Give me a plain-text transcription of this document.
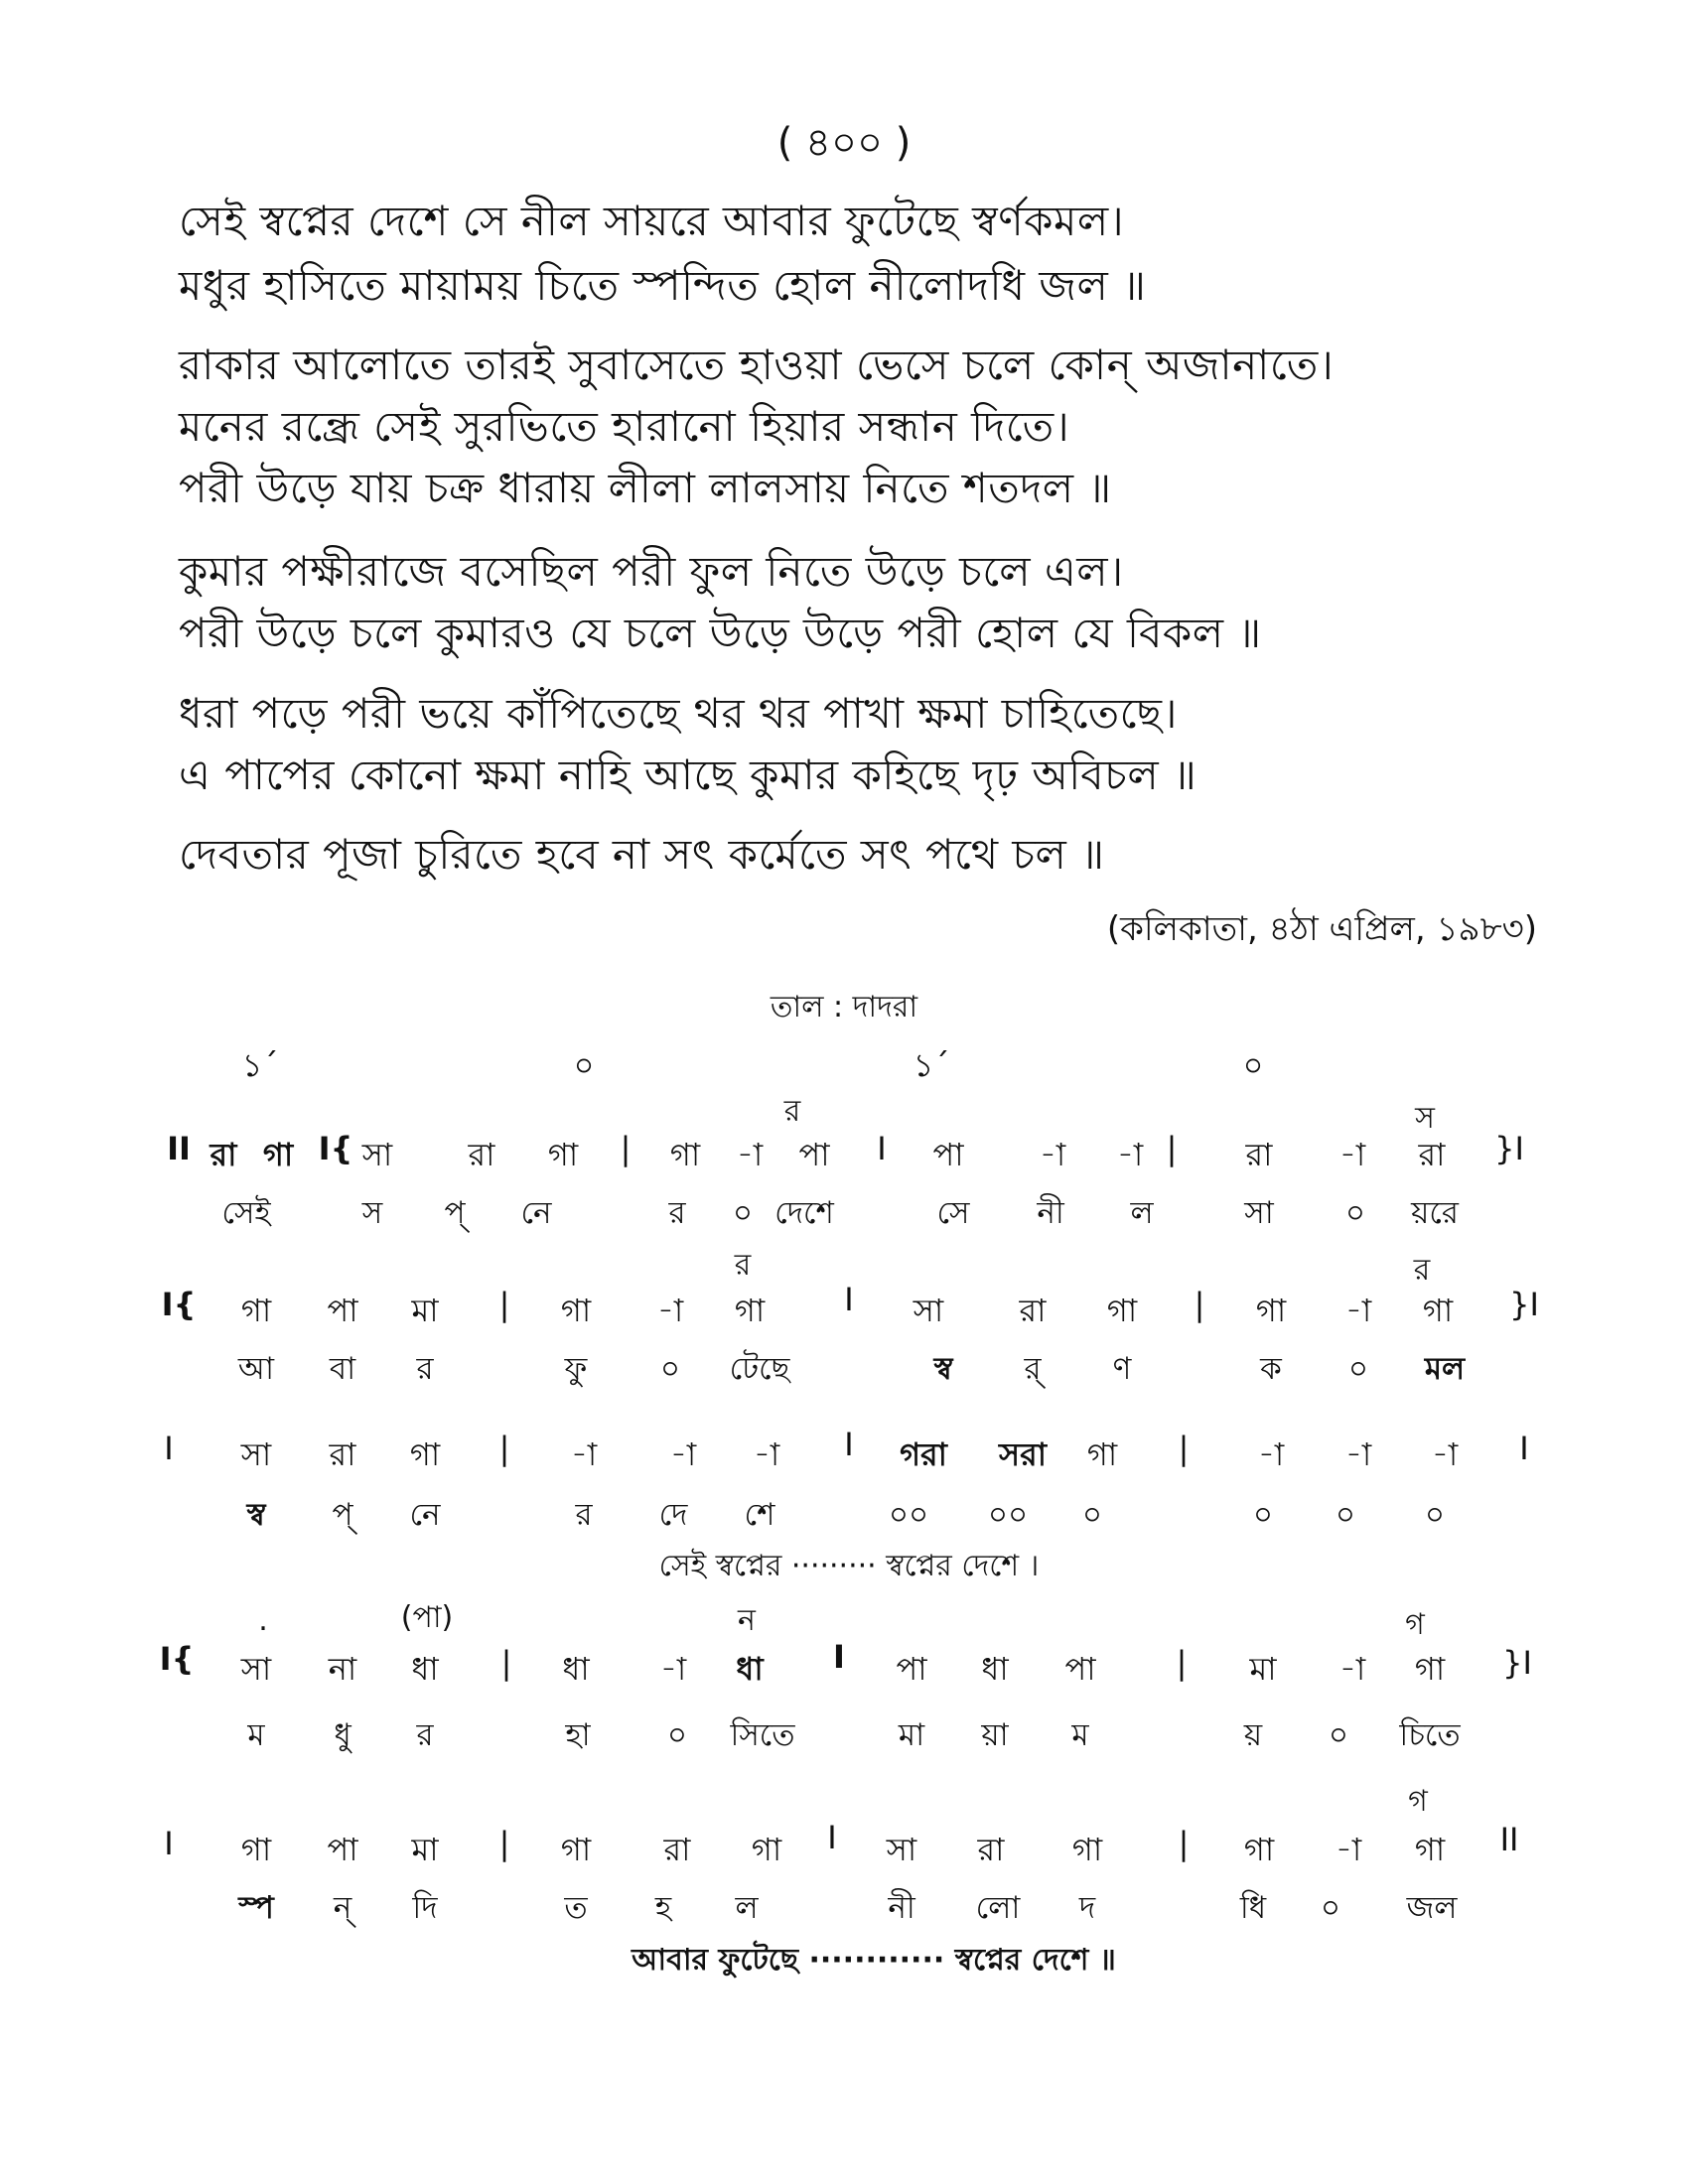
( ৪০০ )
সেই স্বপ্নের দেশে সে নীল সায়রে আবার ফুটেছে স্বর্ণকমল।
মধুর হাসিতে মায়াময় চিতে স্পন্দিত হোল নীলোদধি জল ॥
রাকার আলোতে তারই সুবাসেতে হাওয়া ভেসে চলে কোন্ অজানাতে।
মনের রন্ধ্রে সেই সুরভিতে হারানো হিয়ার সন্ধান দিতে।
পরী উড়ে যায় চক্র ধারায় লীলা লালসায় নিতে শতদল ॥
কুমার পক্ষীরাজে বসেছিল পরী ফুল নিতে উড়ে চলে এল।
পরী উড়ে চলে কুমারও যে চলে উড়ে উড়ে পরী হোল যে বিকল ॥
ধরা পড়ে পরী ভয়ে কাঁপিতেছে থর থর পাখা ক্ষমা চাহিতেছে।
এ পাপের কোনো ক্ষমা নাহি আছে কুমার কহিছে দৃঢ় অবিচল ॥
দেবতার পূজা চুরিতে হবে না সৎ কর্মেতে সৎ পথে চল ॥
(কলিকাতা, ৪ঠা এপ্রিল, ১৯৮৩)
তাল : দাদরা
১´	০	১´	০
র	স
II রা গা I{ সা রা গা | গা -া পা I পা -া -া | রা -া রা }I
সেই	স প্ নে	র ০ দেশে	সে নী ল	সা ০ য়রে
র	র
I{ গা পা মা | গা -া গা	I সা রা গা | গা -া গা }I
আ বা র	ফু ০ টেছে	স্ব র্ ণ	ক ০ মল
I সা রা গা | -া -া -া I গরা সরা গা | -া -া -া I
স্ব প্ নে	র দে শে	০০ ০০ ০	০ ০ ০
সেই স্বপ্নের ········· স্বপ্নের দেশে ।
.	(পা)	ন	গ
I{ সা না ধা | ধা -া ধা I পা ধা পা	| মা -া গা }I
ম ধু র	হা ০ সিতে	মা য়া ম	য় ০ চিতে
গ
I গা পা মা | গা রা গা I সা রা গা | গা -া গা II
স্প ন্ দি	ত হ ল	নী লো দ	ধি ০ জল
আবার ফুটেছে ············ স্বপ্নের দেশে ॥
